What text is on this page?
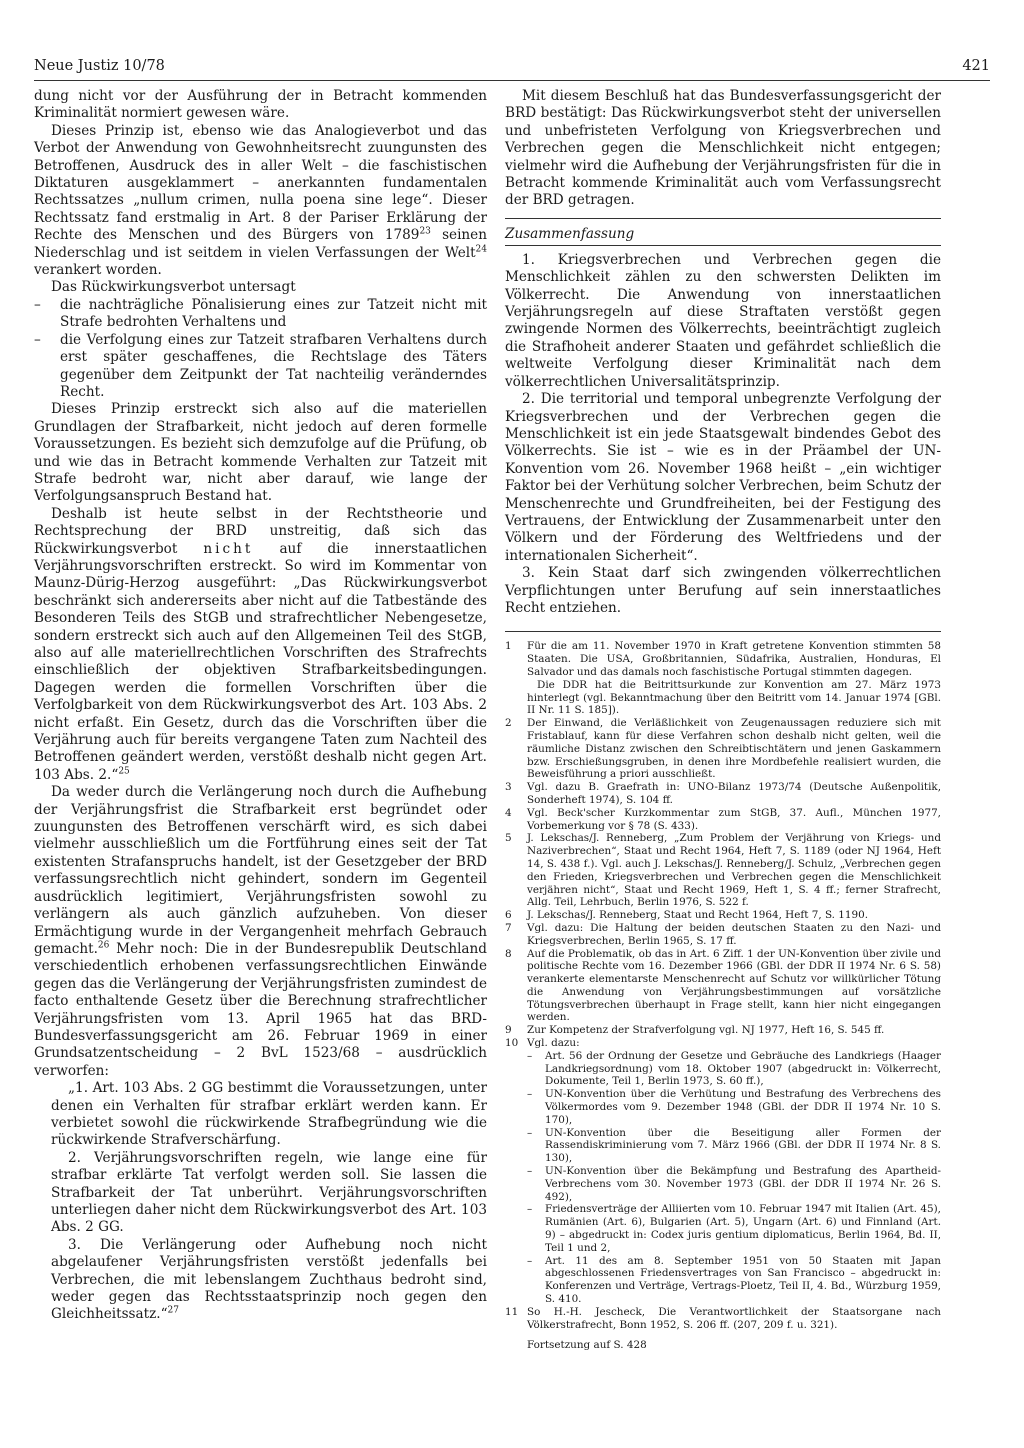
Neue Justiz 10/78	421

dung nicht vor der Ausführung der in Betracht kommenden Kriminalität normiert gewesen wäre.

Dieses Prinzip ist, ebenso wie das Analogieverbot und das Verbot der Anwendung von Gewohnheitsrecht zuungunsten des Betroffenen, Ausdruck des in aller Welt – die faschistischen Diktaturen ausgeklammert – anerkannten fundamentalen Rechtssatzes „nullum crimen, nulla poena sine lege“. Dieser Rechtssatz fand erstmalig in Art. 8 der Pariser Erklärung der Rechte des Menschen und des Bürgers von 1789$^{23}$ seinen Niederschlag und ist seitdem in vielen Verfassungen der Welt$^{24}$ verankert worden.

Das Rückwirkungsverbot untersagt

–	die nachträgliche Pönalisierung eines zur Tatzeit nicht mit Strafe bedrohten Verhaltens und
–	die Verfolgung eines zur Tatzeit strafbaren Verhaltens durch erst später geschaffenes, die Rechtslage des Täters gegenüber dem Zeitpunkt der Tat nachteilig veränderndes Recht.

Dieses Prinzip erstreckt sich also auf die materiellen Grundlagen der Strafbarkeit, nicht jedoch auf deren formelle Voraussetzungen. Es bezieht sich demzufolge auf die Prüfung, ob und wie das in Betracht kommende Verhalten zur Tatzeit mit Strafe bedroht war, nicht aber darauf, wie lange der Verfolgungsanspruch Bestand hat.

Deshalb ist heute selbst in der Rechtstheorie und Rechtsprechung der BRD unstreitig, daß sich das Rückwirkungsverbot nicht auf die innerstaatlichen Verjährungsvorschriften erstreckt. So wird im Kommentar von Maunz-Dürig-Herzog ausgeführt: „Das Rückwirkungsverbot beschränkt sich andererseits aber nicht auf die Tatbestände des Besonderen Teils des StGB und strafrechtlicher Nebengesetze, sondern erstreckt sich auch auf den Allgemeinen Teil des StGB, also auf alle materiellrechtlichen Vorschriften des Strafrechts einschließlich der objektiven Strafbarkeitsbedingungen. Dagegen werden die formellen Vorschriften über die Verfolgbarkeit von dem Rückwirkungsverbot des Art. 103 Abs. 2 nicht erfaßt. Ein Gesetz, durch das die Vorschriften über die Verjährung auch für bereits vergangene Taten zum Nachteil des Betroffenen geändert werden, verstößt deshalb nicht gegen Art. 103 Abs. 2.“$^{25}$

Da weder durch die Verlängerung noch durch die Aufhebung der Verjährungsfrist die Strafbarkeit erst begründet oder zuungunsten des Betroffenen verschärft wird, es sich dabei vielmehr ausschließlich um die Fortführung eines seit der Tat existenten Strafanspruchs handelt, ist der Gesetzgeber der BRD verfassungsrechtlich nicht gehindert, sondern im Gegenteil ausdrücklich legitimiert, Verjährungsfristen sowohl zu verlängern als auch gänzlich aufzuheben. Von dieser Ermächtigung wurde in der Vergangenheit mehrfach Gebrauch gemacht.$^{26}$ Mehr noch: Die in der Bundesrepublik Deutschland verschiedentlich erhobenen verfassungsrechtlichen Einwände gegen das die Verlängerung der Verjährungsfristen zumindest de facto enthaltende Gesetz über die Berechnung strafrechtlicher Verjährungsfristen vom 13. April 1965 hat das BRD-Bundesverfassungsgericht am 26. Februar 1969 in einer Grundsatzentscheidung – 2 BvL 1523/68 – ausdrücklich verworfen:

„1. Art. 103 Abs. 2 GG bestimmt die Voraussetzungen, unter denen ein Verhalten für strafbar erklärt werden kann. Er verbietet sowohl die rückwirkende Strafbegründung wie die rückwirkende Strafverschärfung.

2. Verjährungsvorschriften regeln, wie lange eine für strafbar erklärte Tat verfolgt werden soll. Sie lassen die Strafbarkeit der Tat unberührt. Verjährungsvorschriften unterliegen daher nicht dem Rückwirkungsverbot des Art. 103 Abs. 2 GG.

3. Die Verlängerung oder Aufhebung noch nicht abgelaufener Verjährungsfristen verstößt jedenfalls bei Verbrechen, die mit lebenslangem Zuchthaus bedroht sind, weder gegen das Rechtsstaatsprinzip noch gegen den Gleichheitssatz.“$^{27}$

Mit diesem Beschluß hat das Bundesverfassungsgericht der BRD bestätigt: Das Rückwirkungsverbot steht der universellen und unbefristeten Verfolgung von Kriegsverbrechen und Verbrechen gegen die Menschlichkeit nicht entgegen; vielmehr wird die Aufhebung der Verjährungsfristen für die in Betracht kommende Kriminalität auch vom Verfassungsrecht der BRD getragen.

Zusammenfassung

1. Kriegsverbrechen und Verbrechen gegen die Menschlichkeit zählen zu den schwersten Delikten im Völkerrecht. Die Anwendung von innerstaatlichen Verjährungsregeln auf diese Straftaten verstößt gegen zwingende Normen des Völkerrechts, beeinträchtigt zugleich die Strafhoheit anderer Staaten und gefährdet schließlich die weltweite Verfolgung dieser Kriminalität nach dem völkerrechtlichen Universalitätsprinzip.

2. Die territorial und temporal unbegrenzte Verfolgung der Kriegsverbrechen und der Verbrechen gegen die Menschlichkeit ist ein jede Staatsgewalt bindendes Gebot des Völkerrechts. Sie ist – wie es in der Präambel der UN-Konvention vom 26. November 1968 heißt – „ein wichtiger Faktor bei der Verhütung solcher Verbrechen, beim Schutz der Menschenrechte und Grundfreiheiten, bei der Festigung des Vertrauens, der Entwicklung der Zusammenarbeit unter den Völkern und der Förderung des Weltfriedens und der internationalen Sicherheit“.

3. Kein Staat darf sich zwingenden völkerrechtlichen Verpflichtungen unter Berufung auf sein innerstaatliches Recht entziehen.

1	Für die am 11. November 1970 in Kraft getretene Konvention stimmten 58 Staaten. Die USA, Großbritannien, Südafrika, Australien, Honduras, El Salvador und das damals noch faschistische Portugal stimmten dagegen.
Die DDR hat die Beitrittsurkunde zur Konvention am 27. März 1973 hinterlegt (vgl. Bekanntmachung über den Beitritt vom 14. Januar 1974 [GBl. II Nr. 11 S. 185]).
2	Der Einwand, die Verläßlichkeit von Zeugenaussagen reduziere sich mit Fristablauf, kann für diese Verfahren schon deshalb nicht gelten, weil die räumliche Distanz zwischen den Schreibtischtätern und jenen Gaskammern bzw. Erschießungsgruben, in denen ihre Mordbefehle realisiert wurden, die Beweisführung a priori ausschließt.
3	Vgl. dazu B. Graefrath in: UNO-Bilanz 1973/74 (Deutsche Außenpolitik, Sonderheft 1974), S. 104 ff.
4	Vgl. Beck'scher Kurzkommentar zum StGB, 37. Aufl., München 1977, Vorbemerkung vor § 78 (S. 433).
5	J. Lekschas/J. Renneberg, „Zum Problem der Verjährung von Kriegs- und Naziverbrechen“, Staat und Recht 1964, Heft 7, S. 1189 (oder NJ 1964, Heft 14, S. 438 f.). Vgl. auch J. Lekschas/J. Renneberg/J. Schulz, „Verbrechen gegen den Frieden, Kriegsverbrechen und Verbrechen gegen die Menschlichkeit verjähren nicht“, Staat und Recht 1969, Heft 1, S. 4 ff.; ferner Strafrecht, Allg. Teil, Lehrbuch, Berlin 1976, S. 522 f.
6	J. Lekschas/J. Renneberg, Staat und Recht 1964, Heft 7, S. 1190.
7	Vgl. dazu: Die Haltung der beiden deutschen Staaten zu den Nazi- und Kriegsverbrechen, Berlin 1965, S. 17 ff.
8	Auf die Problematik, ob das in Art. 6 Ziff. 1 der UN-Konvention über zivile und politische Rechte vom 16. Dezember 1966 (GBl. der DDR II 1974 Nr. 6 S. 58) verankerte elementarste Menschenrecht auf Schutz vor willkürlicher Tötung die Anwendung von Verjährungsbestimmungen auf vorsätzliche Tötungsverbrechen überhaupt in Frage stellt, kann hier nicht eingegangen werden.
9	Zur Kompetenz der Strafverfolgung vgl. NJ 1977, Heft 16, S. 545 ff.
10 Vgl. dazu:
–	Art. 56 der Ordnung der Gesetze und Gebräuche des Landkriegs (Haager Landkriegsordnung) vom 18. Oktober 1907 (abgedruckt in: Völkerrecht, Dokumente, Teil 1, Berlin 1973, S. 60 ff.),
–	UN-Konvention über die Verhütung und Bestrafung des Verbrechens des Völkermordes vom 9. Dezember 1948 (GBl. der DDR II 1974 Nr. 10 S. 170),
–	UN-Konvention über die Beseitigung aller Formen der Rassendiskriminierung vom 7. März 1966 (GBl. der DDR II 1974 Nr. 8 S. 130),
–	UN-Konvention über die Bekämpfung und Bestrafung des Apartheid-Verbrechens vom 30. November 1973 (GBl. der DDR II 1974 Nr. 26 S. 492),
–	Friedensverträge der Alliierten vom 10. Februar 1947 mit Italien (Art. 45), Rumänien (Art. 6), Bulgarien (Art. 5), Ungarn (Art. 6) und Finnland (Art. 9) – abgedruckt in: Codex juris gentium diplomaticus, Berlin 1964, Bd. II, Teil 1 und 2,
–	Art. 11 des am 8. September 1951 von 50 Staaten mit Japan abgeschlossenen Friedensvertrages von San Francisco – abgedruckt in: Konferenzen und Verträge, Vertrags-Ploetz, Teil II, 4. Bd., Würzburg 1959, S. 410.
11 So H.-H. Jescheck, Die Verantwortlichkeit der Staatsorgane nach Völkerstrafrecht, Bonn 1952, S. 206 ff. (207, 209 f. u. 321).
Fortsetzung auf S. 428
